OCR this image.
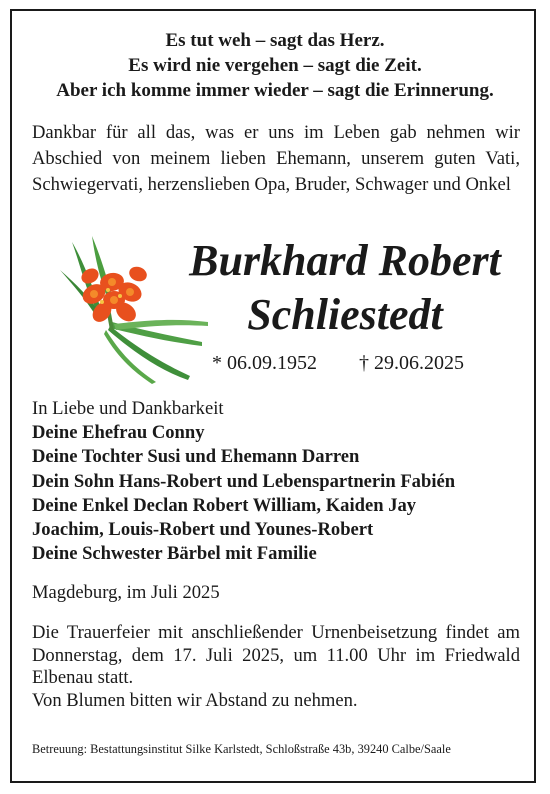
Es tut weh – sagt das Herz.
Es wird nie vergehen – sagt die Zeit.
Aber ich komme immer wieder – sagt die Erinnerung.
Dankbar für all das, was er uns im Leben gab nehmen wir Abschied von meinem lieben Ehemann, unserem guten Vati, Schwiegervati, herzenslieben Opa, Bruder, Schwager und Onkel
Burkhard Robert
Schliestedt
* 06.09.1952 † 29.06.2025
In Liebe und Dankbarkeit
Deine Ehefrau Conny
Deine Tochter Susi und Ehemann Darren
Dein Sohn Hans-Robert und Lebenspartnerin Fabién
Deine Enkel Declan Robert William, Kaiden Jay
Joachim, Louis-Robert und Younes-Robert
Deine Schwester Bärbel mit Familie
Magdeburg, im Juli 2025
Die Trauerfeier mit anschließender Urnenbeisetzung findet am Donnerstag, dem 17. Juli 2025, um 11.00 Uhr im Friedwald Elbenau statt.
Von Blumen bitten wir Abstand zu nehmen.
Betreuung: Bestattungsinstitut Silke Karlstedt, Schloßstraße 43b, 39240 Calbe/Saale
